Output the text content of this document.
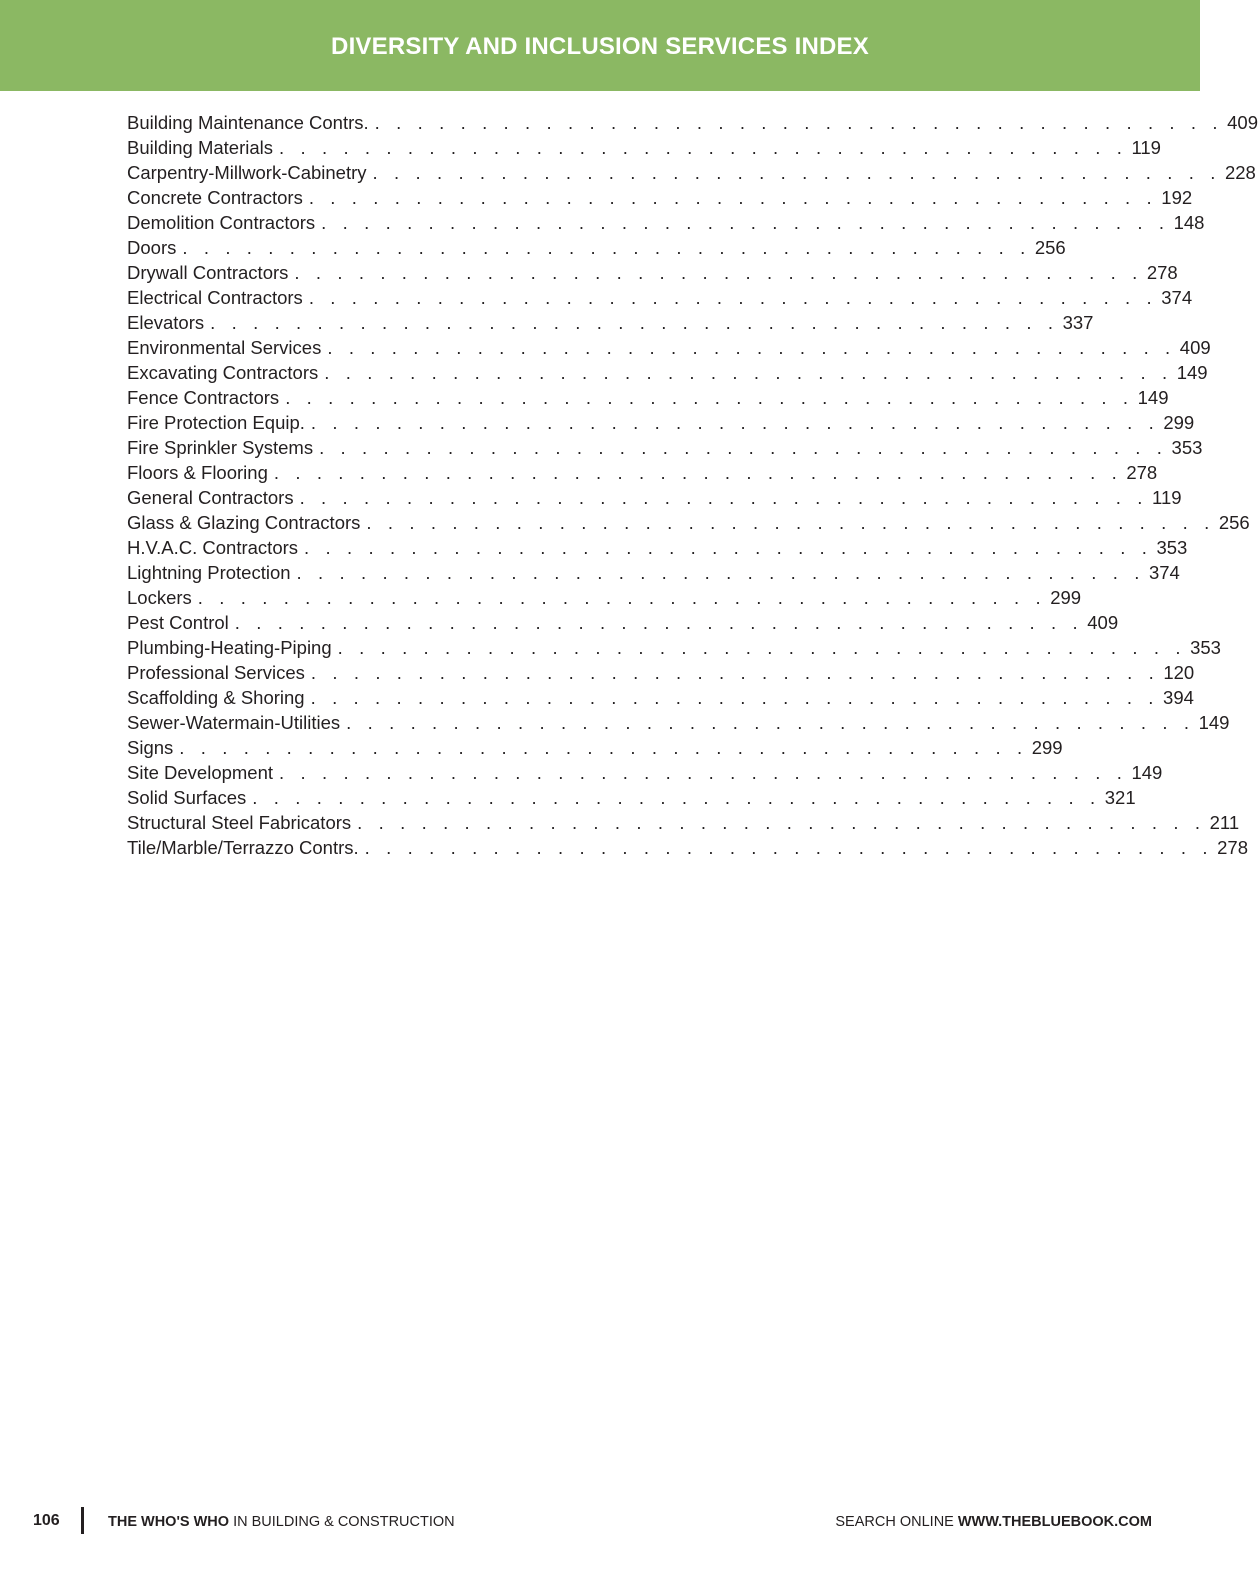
DIVERSITY AND INCLUSION SERVICES INDEX
Building Maintenance Contrs. . . . . . . . . . . . . . . . . . . . . . . . . . . . . . . . . . . . . . . . . 409
Building Materials . . . . . . . . . . . . . . . . . . . . . . . . . . . . . . . . . . . . . . . . 119
Carpentry-Millwork-Cabinetry . . . . . . . . . . . . . . . . . . . . . . . . . . . . . . . . . . . . . . . . 228
Concrete Contractors . . . . . . . . . . . . . . . . . . . . . . . . . . . . . . . . . . . . . . . . 192
Demolition Contractors . . . . . . . . . . . . . . . . . . . . . . . . . . . . . . . . . . . . . . . . 148
Doors . . . . . . . . . . . . . . . . . . . . . . . . . . . . . . . . . . . . . . . . 256
Drywall Contractors . . . . . . . . . . . . . . . . . . . . . . . . . . . . . . . . . . . . . . . . 278
Electrical Contractors . . . . . . . . . . . . . . . . . . . . . . . . . . . . . . . . . . . . . . . . 374
Elevators . . . . . . . . . . . . . . . . . . . . . . . . . . . . . . . . . . . . . . . . 337
Environmental Services . . . . . . . . . . . . . . . . . . . . . . . . . . . . . . . . . . . . . . . . 409
Excavating Contractors . . . . . . . . . . . . . . . . . . . . . . . . . . . . . . . . . . . . . . . . 149
Fence Contractors . . . . . . . . . . . . . . . . . . . . . . . . . . . . . . . . . . . . . . . . 149
Fire Protection Equip. . . . . . . . . . . . . . . . . . . . . . . . . . . . . . . . . . . . . . . . . 299
Fire Sprinkler Systems . . . . . . . . . . . . . . . . . . . . . . . . . . . . . . . . . . . . . . . . 353
Floors & Flooring . . . . . . . . . . . . . . . . . . . . . . . . . . . . . . . . . . . . . . . . 278
General Contractors . . . . . . . . . . . . . . . . . . . . . . . . . . . . . . . . . . . . . . . . 119
Glass & Glazing Contractors . . . . . . . . . . . . . . . . . . . . . . . . . . . . . . . . . . . . . . . . 256
H.V.A.C. Contractors . . . . . . . . . . . . . . . . . . . . . . . . . . . . . . . . . . . . . . . . 353
Lightning Protection . . . . . . . . . . . . . . . . . . . . . . . . . . . . . . . . . . . . . . . . 374
Lockers . . . . . . . . . . . . . . . . . . . . . . . . . . . . . . . . . . . . . . . . 299
Pest Control . . . . . . . . . . . . . . . . . . . . . . . . . . . . . . . . . . . . . . . . 409
Plumbing-Heating-Piping . . . . . . . . . . . . . . . . . . . . . . . . . . . . . . . . . . . . . . . . 353
Professional Services . . . . . . . . . . . . . . . . . . . . . . . . . . . . . . . . . . . . . . . . 120
Scaffolding & Shoring . . . . . . . . . . . . . . . . . . . . . . . . . . . . . . . . . . . . . . . . 394
Sewer-Watermain-Utilities . . . . . . . . . . . . . . . . . . . . . . . . . . . . . . . . . . . . . . . . 149
Signs . . . . . . . . . . . . . . . . . . . . . . . . . . . . . . . . . . . . . . . . 299
Site Development . . . . . . . . . . . . . . . . . . . . . . . . . . . . . . . . . . . . . . . . 149
Solid Surfaces . . . . . . . . . . . . . . . . . . . . . . . . . . . . . . . . . . . . . . . . 321
Structural Steel Fabricators . . . . . . . . . . . . . . . . . . . . . . . . . . . . . . . . . . . . . . . . 211
Tile/Marble/Terrazzo Contrs. . . . . . . . . . . . . . . . . . . . . . . . . . . . . . . . . . . . . . . . . 278
106	THE WHO'S WHO IN BUILDING & CONSTRUCTION	SEARCH ONLINE WWW.THEBLUEBOOK.COM
